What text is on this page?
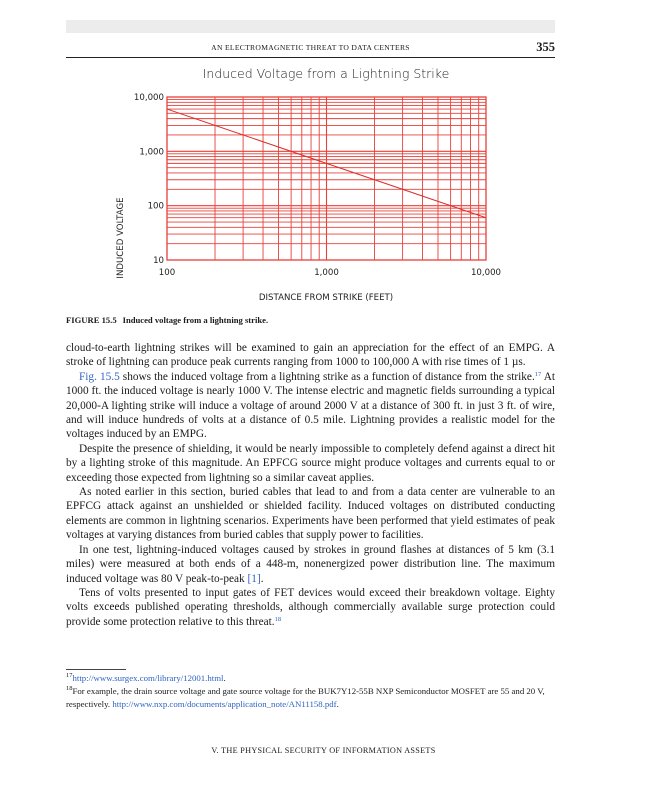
AN ELECTROMAGNETIC THREAT TO DATA CENTERS	355
Induced Voltage from a Lightning Strike
10
100
1,000
10,000
100	1,000	10,000
DISTANCE FROM STRIKE (FEET)
INDUCED VOLTAGE
FIGURE 15.5 Induced voltage from a lightning strike.

cloud-to-earth lightning strikes will be examined to gain an appreciation for the effect of an EMPG. A stroke of lightning can produce peak currents ranging from 1000 to 100,000 A with rise times of 1 µs.

Fig. 15.5 shows the induced voltage from a lightning strike as a function of distance from the strike.$^{17}$ At 1000 ft. the induced voltage is nearly 1000 V. The intense electric and magnetic fields surrounding a typical 20,000-A lighting strike will induce a voltage of around 2000 V at a distance of 300 ft. in just 3 ft. of wire, and will induce hundreds of volts at a distance of 0.5 mile. Lightning provides a realistic model for the voltages induced by an EMPG.

Despite the presence of shielding, it would be nearly impossible to completely defend against a direct hit by a lighting stroke of this magnitude. An EPFCG source might produce voltages and currents equal to or exceeding those expected from lightning so a similar caveat applies.

As noted earlier in this section, buried cables that lead to and from a data center are vulnerable to an EPFCG attack against an unshielded or shielded facility. Induced voltages on distributed conducting elements are common in lightning scenarios. Experiments have been performed that yield estimates of peak voltages at varying distances from buried cables that supply power to facilities.

In one test, lightning-induced voltages caused by strokes in ground flashes at distances of 5 km (3.1 miles) were measured at both ends of a 448-m, nonenergized power distribution line. The maximum induced voltage was 80 V peak-to-peak [1].

Tens of volts presented to input gates of FET devices would exceed their breakdown voltage. Eighty volts exceeds published operating thresholds, although commercially available surge protection could provide some protection relative to this threat.$^{18}$

$^{17}$http://www.surgex.com/library/12001.html.

$^{18}$For example, the drain source voltage and gate source voltage for the BUK7Y12-55B NXP Semiconductor MOSFET are 55 and 20 V, respectively. http://www.nxp.com/documents/application_note/AN11158.pdf.

V. THE PHYSICAL SECURITY OF INFORMATION ASSETS
